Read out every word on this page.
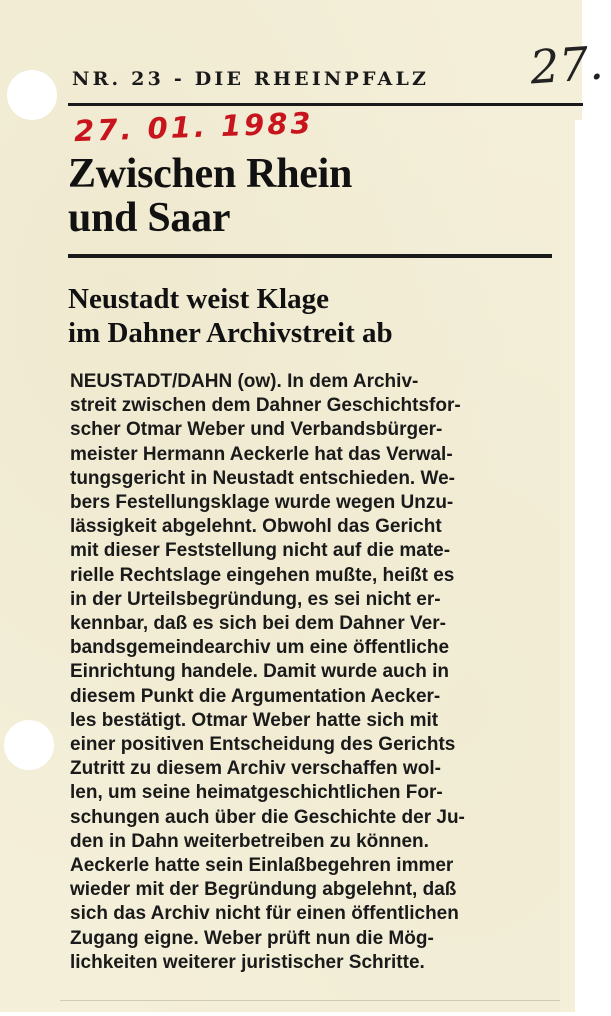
NR. 23 - DIE RHEINPFALZ 27.
27. 01. 1983
Zwischen Rhein
und Saar
Neustadt weist Klage
im Dahner Archivstreit ab
NEUSTADT/DAHN (ow). In dem Archiv-
streit zwischen dem Dahner Geschichtsfor-
scher Otmar Weber und Verbandsbürger-
meister Hermann Aeckerle hat das Verwal-
tungsgericht in Neustadt entschieden. We-
bers Festellungsklage wurde wegen Unzu-
lässigkeit abgelehnt. Obwohl das Gericht
mit dieser Feststellung nicht auf die mate-
rielle Rechtslage eingehen mußte, heißt es
in der Urteilsbegründung, es sei nicht er-
kennbar, daß es sich bei dem Dahner Ver-
bandsgemeindearchiv um eine öffentliche
Einrichtung handele. Damit wurde auch in
diesem Punkt die Argumentation Aecker-
les bestätigt. Otmar Weber hatte sich mit
einer positiven Entscheidung des Gerichts
Zutritt zu diesem Archiv verschaffen wol-
len, um seine heimatgeschichtlichen For-
schungen auch über die Geschichte der Ju-
den in Dahn weiterbetreiben zu können.
Aeckerle hatte sein Einlaßbegehren immer
wieder mit der Begründung abgelehnt, daß
sich das Archiv nicht für einen öffentlichen
Zugang eigne. Weber prüft nun die Mög-
lichkeiten weiterer juristischer Schritte.
